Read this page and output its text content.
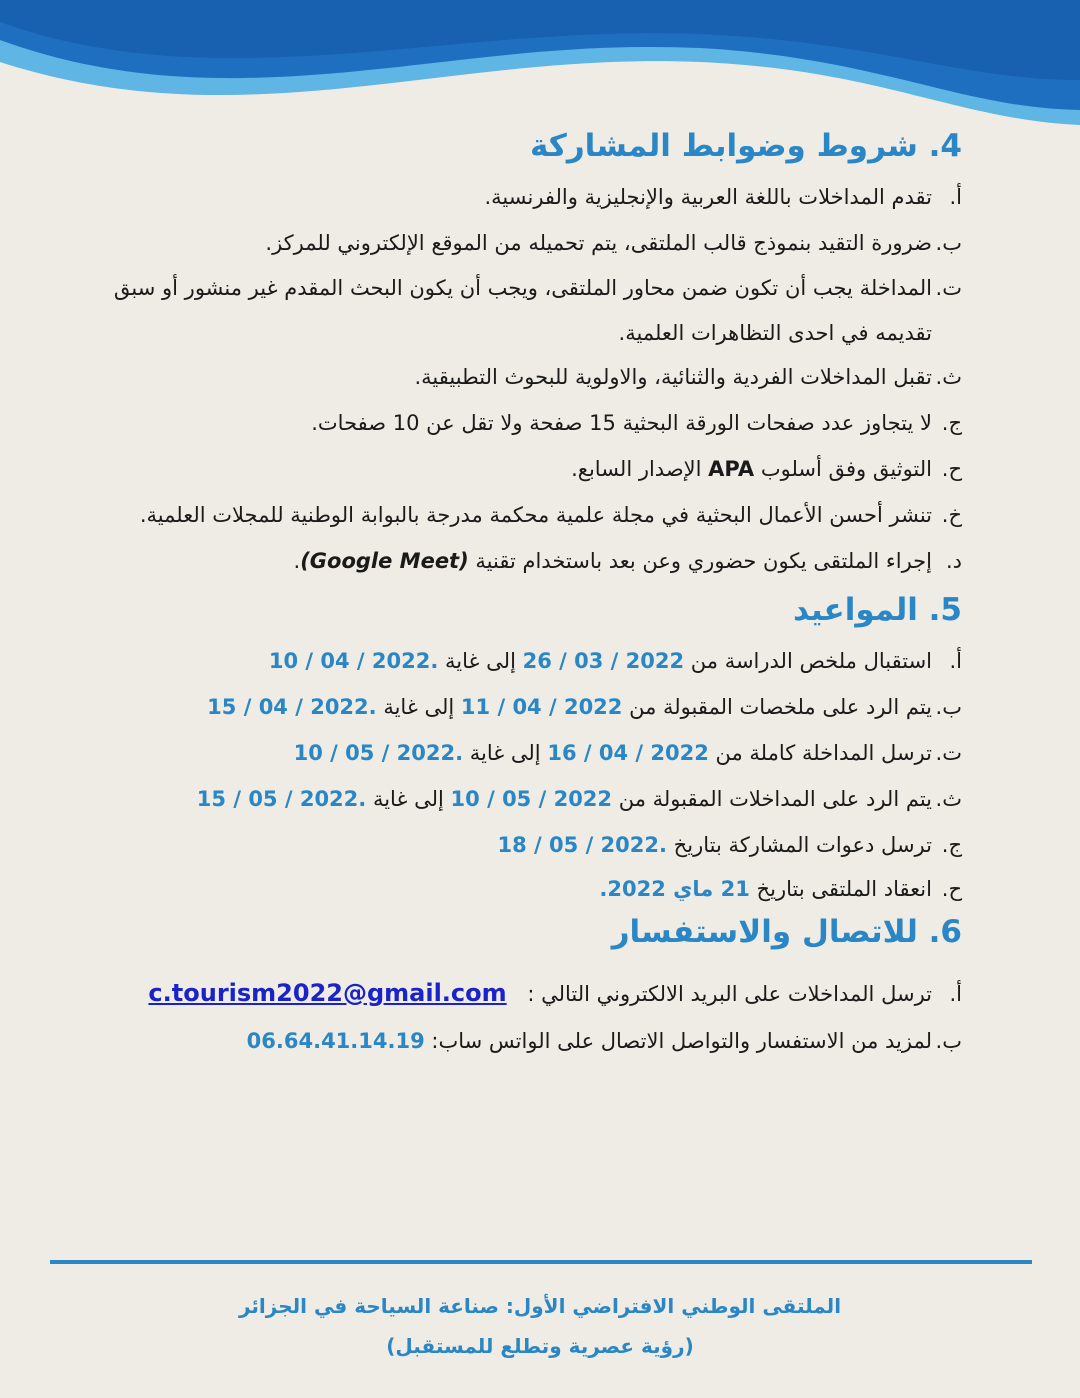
4. شروط وضوابط المشاركة
أ.تقدم المداخلات باللغة العربية والإنجليزية والفرنسية.
ب.ضرورة التقيد بنموذج قالب الملتقى، يتم تحميله من الموقع الإلكتروني للمركز.
ت.
المداخلة يجب أن تكون ضمن محاور الملتقى، ويجب أن يكون البحث المقدم غير منشور أو سبق تقديمه في احدى التظاهرات العلمية.
ث.تقبل المداخلات الفردية والثنائية، والاولوية للبحوث التطبيقية.
ج.لا يتجاوز عدد صفحات الورقة البحثية 15 صفحة ولا تقل عن 10 صفحات.
ح.التوثيق وفق أسلوب APA الإصدار السابع.
خ.تنشر أحسن الأعمال البحثية في مجلة علمية محكمة مدرجة بالبوابة الوطنية للمجلات العلمية.
د.إجراء الملتقى يكون حضوري وعن بعد باستخدام تقنية (Google Meet).
5. المواعيد
أ.استقبال ملخص الدراسة من 26 / 03 / 2022 إلى غاية 10 / 04 / 2022.
ب.يتم الرد على ملخصات المقبولة من 11 / 04 / 2022 إلى غاية 15 / 04 / 2022.
ت.ترسل المداخلة كاملة من 16 / 04 / 2022 إلى غاية 10 / 05 / 2022.
ث.يتم الرد على المداخلات المقبولة من 10 / 05 / 2022 إلى غاية 15 / 05 / 2022.
ج.ترسل دعوات المشاركة بتاريخ 18 / 05 / 2022.
ح.انعقاد الملتقى بتاريخ 21 ماي 2022.
6. للاتصال والاستفسار
أ.ترسل المداخلات على البريد الالكتروني التالي : c.tourism2022@gmail.com
ب.لمزيد من الاستفسار والتواصل الاتصال على الواتس ساب: 06.64.41.14.19
الملتقى الوطني الافتراضي الأول: صناعة السياحة في الجزائر
(رؤية عصرية وتطلع للمستقبل)
